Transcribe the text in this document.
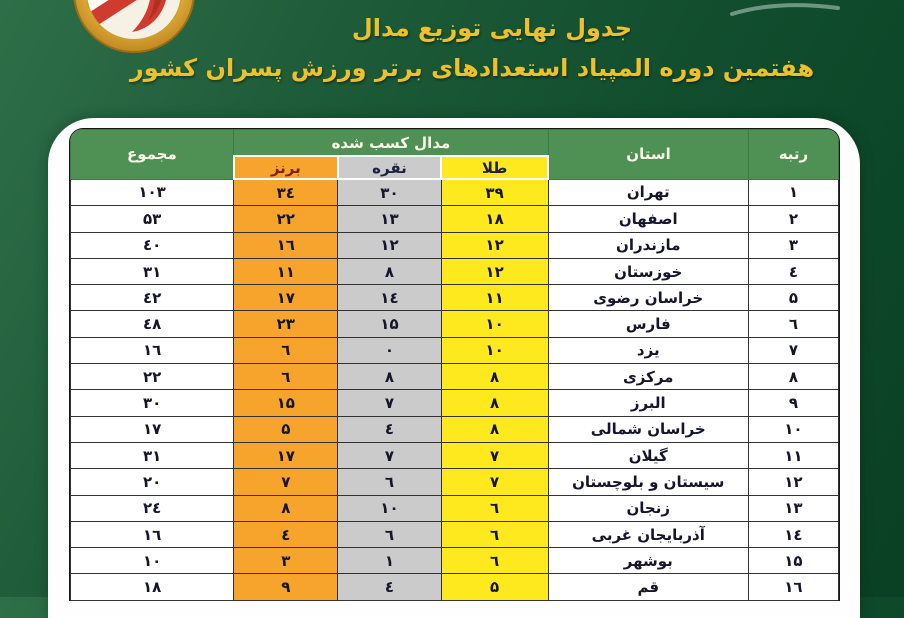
جدول نهایی توزیع مدال
هفتمین دوره المپیاد استعدادهای برتر ورزش پسران کشور
رتبه	استان	مدال کسب شده			مجموع
		طلا	نقره	برنز	
۱	تهران	۳۹	۳۰	۳٤	۱۰۳
۲	اصفهان	۱۸	۱۳	۲۲	۵۳
۳	مازندران	۱۲	۱۲	۱٦	٤۰
٤	خوزستان	۱۲	۸	۱۱	۳۱
۵	خراسان رضوی	۱۱	۱٤	۱۷	٤۲
٦	فارس	۱۰	۱۵	۲۳	٤۸
۷	یزد	۱۰	۰	٦	۱٦
۸	مرکزی	۸	۸	٦	۲۲
۹	البرز	۸	۷	۱۵	۳۰
۱۰	خراسان شمالی	۸	٤	۵	۱۷
۱۱	گیلان	۷	۷	۱۷	۳۱
۱۲	سیستان و بلوچستان	۷	٦	۷	۲۰
۱۳	زنجان	٦	۱۰	۸	۲٤
۱٤	آذربایجان غربی	٦	٦	٤	۱٦
۱۵	بوشهر	٦	۱	۳	۱۰
۱٦	قم	۵	٤	۹	۱۸
